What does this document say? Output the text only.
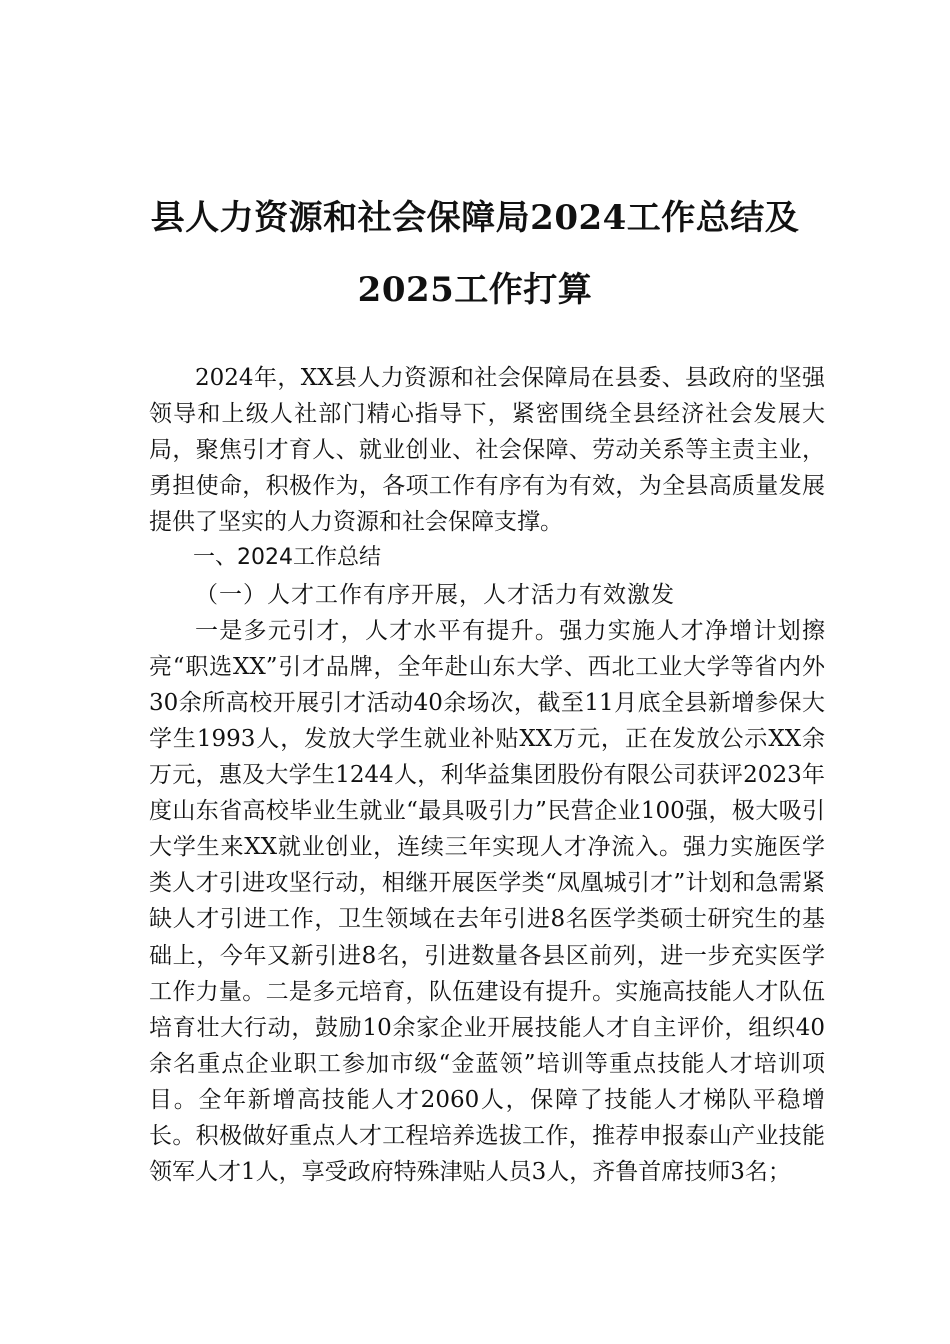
县人力资源和社会保障局2024工作总结及
2025工作打算

2024年，XX县人力资源和社会保障局在县委、县政府的坚强领导和上级人社部门精心指导下，紧密围绕全县经济社会发展大局，聚焦引才育人、就业创业、社会保障、劳动关系等主责主业，勇担使命，积极作为，各项工作有序有为有效，为全县高质量发展提供了坚实的人力资源和社会保障支撑。

一、2024工作总结

（一）人才工作有序开展，人才活力有效激发

一是多元引才，人才水平有提升。强力实施人才净增计划擦亮“职选XX”引才品牌，全年赴山东大学、西北工业大学等省内外30余所高校开展引才活动40余场次，截至11月底全县新增参保大学生1993人，发放大学生就业补贴XX万元，正在发放公示XX余万元，惠及大学生1244人，利华益集团股份有限公司获评2023年度山东省高校毕业生就业“最具吸引力”民营企业100强，极大吸引大学生来XX就业创业，连续三年实现人才净流入。强力实施医学类人才引进攻坚行动，相继开展医学类“凤凰城引才”计划和急需紧缺人才引进工作，卫生领域在去年引进8名医学类硕士研究生的基础上，今年又新引进8名，引进数量各县区前列，进一步充实医学工作力量。二是多元培育，队伍建设有提升。实施高技能人才队伍培育壮大行动，鼓励10余家企业开展技能人才自主评价，组织40余名重点企业职工参加市级“金蓝领”培训等重点技能人才培训项目。全年新增高技能人才2060人，保障了技能人才梯队平稳增长。积极做好重点人才工程培养选拔工作，推荐申报泰山产业技能领军人才1人，享受政府特殊津贴人员3人，齐鲁首席技师3名；
